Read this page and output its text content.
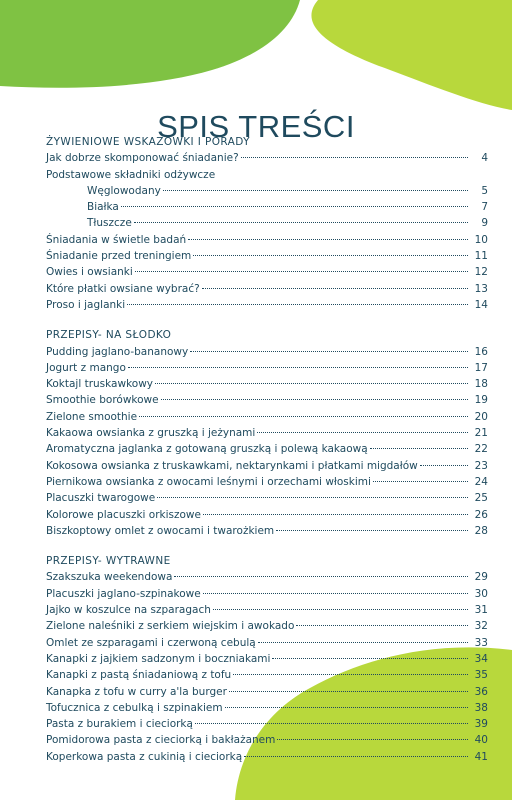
SPIS TREŚCI
ŻYWIENIOWE WSKAZÓWKI I PORADY
Jak dobrze skomponować śniadanie?	4
Podstawowe składniki odżywcze
Węglowodany	5
Białka	7
Tłuszcze	9
Śniadania w świetle badań	10
Śniadanie przed treningiem	11
Owies i owsianki	12
Które płatki owsiane wybrać?	13
Proso i jaglanki	14
PRZEPISY- NA SŁODKO
Pudding jaglano-bananowy	16
Jogurt z mango	17
Koktajl truskawkowy	18
Smoothie borówkowe	19
Zielone smoothie	20
Kakaowa owsianka z gruszką i jeżynami	21
Aromatyczna jaglanka z gotowaną gruszką i polewą kakaową	22
Kokosowa owsianka z truskawkami, nektarynkami i płatkami migdałów	23
Piernikowa owsianka z owocami leśnymi i orzechami włoskimi	24
Placuszki twarogowe	25
Kolorowe placuszki orkiszowe	26
Biszkoptowy omlet z owocami i twarożkiem	28
PRZEPISY- WYTRAWNE
Szakszuka weekendowa	29
Placuszki jaglano-szpinakowe	30
Jajko w koszulce na szparagach	31
Zielone naleśniki z serkiem wiejskim i awokado	32
Omlet ze szparagami i czerwoną cebulą	33
Kanapki z jajkiem sadzonym i boczniakami	34
Kanapki z pastą śniadaniową z tofu	35
Kanapka z tofu w curry a'la burger	36
Tofucznica z cebulką i szpinakiem	38
Pasta z burakiem i cieciorką	39
Pomidorowa pasta z cieciorką i bakłażanem	40
Koperkowa pasta z cukinią i cieciorką	41
